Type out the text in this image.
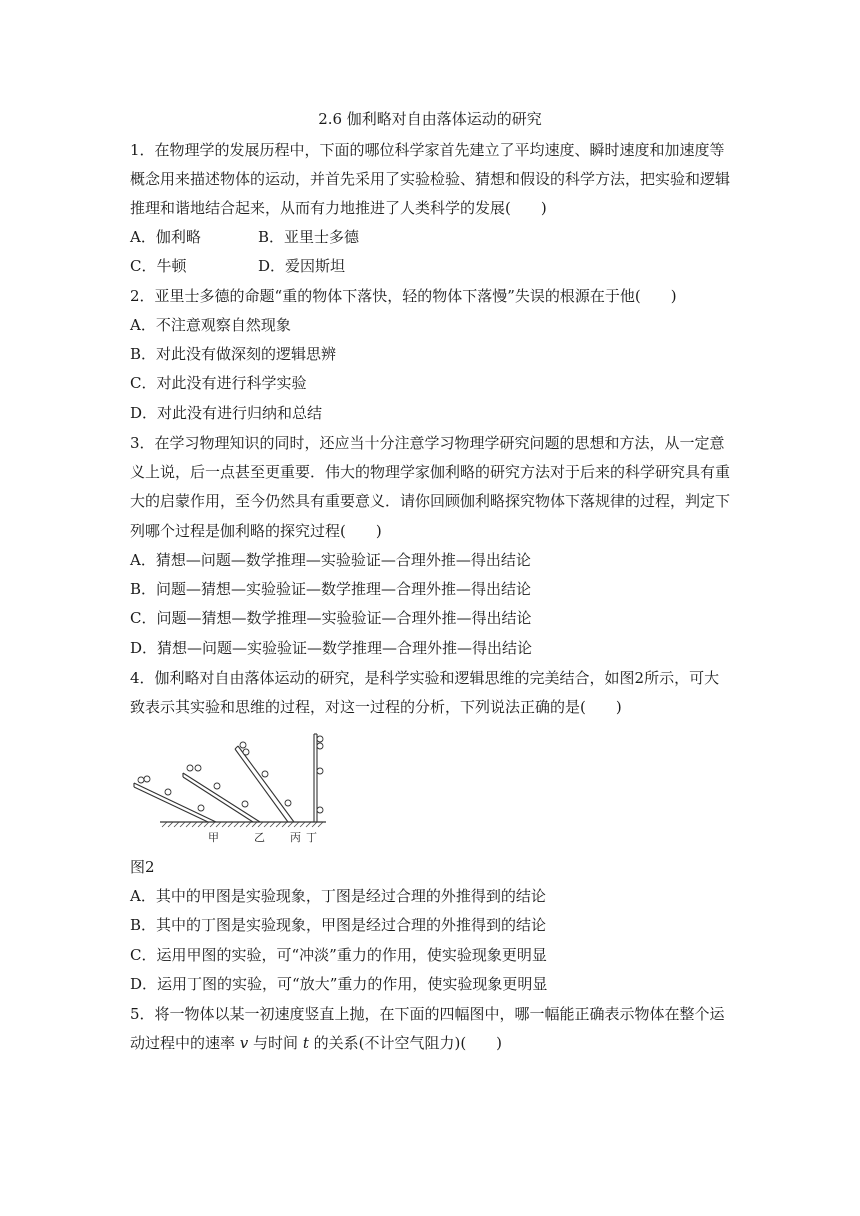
2.6 伽利略对自由落体运动的研究
1．在物理学的发展历程中，下面的哪位科学家首先建立了平均速度、瞬时速度和加速度等
概念用来描述物体的运动，并首先采用了实验检验、猜想和假设的科学方法，把实验和逻辑
推理和谐地结合起来，从而有力地推进了人类科学的发展(　　)
A．伽利略	B．亚里士多德
C．牛顿	D．爱因斯坦
2．亚里士多德的命题“重的物体下落快，轻的物体下落慢”失误的根源在于他(　　)
A．不注意观察自然现象
B．对此没有做深刻的逻辑思辨
C．对此没有进行科学实验
D．对此没有进行归纳和总结
3．在学习物理知识的同时，还应当十分注意学习物理学研究问题的思想和方法，从一定意
义上说，后一点甚至更重要．伟大的物理学家伽利略的研究方法对于后来的科学研究具有重
大的启蒙作用，至今仍然具有重要意义．请你回顾伽利略探究物体下落规律的过程，判定下
列哪个过程是伽利略的探究过程(　　)
A．猜想—问题—数学推理—实验验证—合理外推—得出结论
B．问题—猜想—实验验证—数学推理—合理外推—得出结论
C．问题—猜想—数学推理—实验验证—合理外推—得出结论
D．猜想—问题—实验验证—数学推理—合理外推—得出结论
4．伽利略对自由落体运动的研究，是科学实验和逻辑思维的完美结合，如图2所示，可大
致表示其实验和思维的过程，对这一过程的分析，下列说法正确的是(　　)
甲	乙 丙 丁
图2
A．其中的甲图是实验现象，丁图是经过合理的外推得到的结论
B．其中的丁图是实验现象，甲图是经过合理的外推得到的结论
C．运用甲图的实验，可“冲淡”重力的作用，使实验现象更明显
D．运用丁图的实验，可“放大”重力的作用，使实验现象更明显
5．将一物体以某一初速度竖直上抛，在下面的四幅图中，哪一幅能正确表示物体在整个运
动过程中的速率 v 与时间 t 的关系(不计空气阻力)(　　)
